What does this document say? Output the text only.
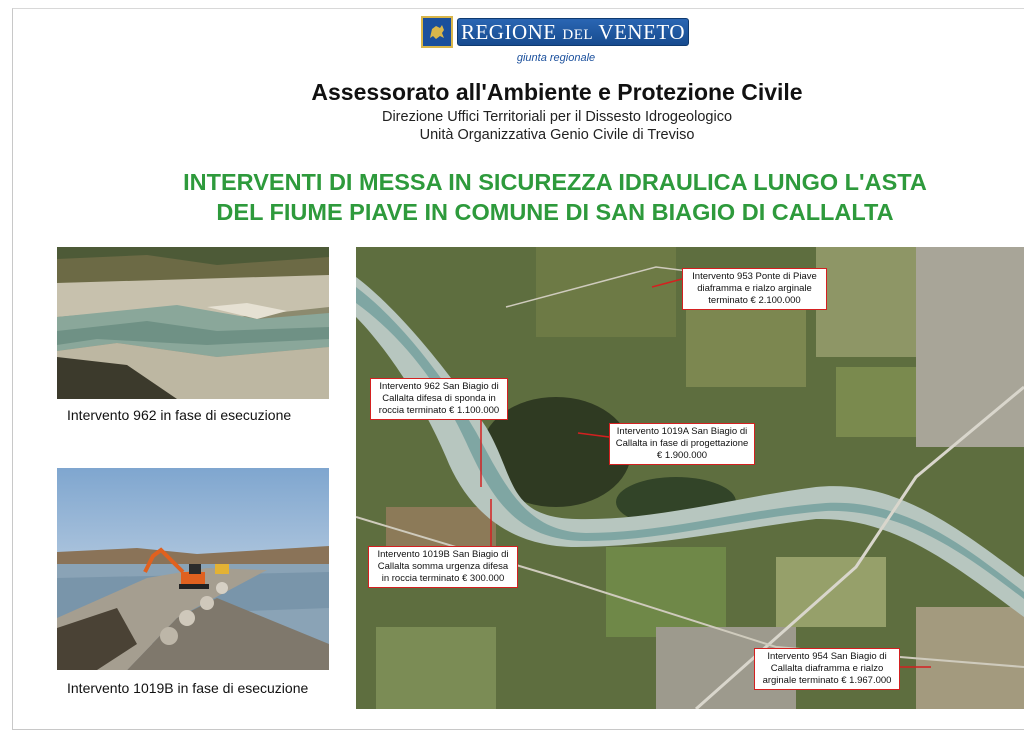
REGIONE DEL VENETO
giunta regionale
Assessorato all'Ambiente e Protezione Civile
Direzione Uffici Territoriali per il Dissesto Idrogeologico
Unità Organizzativa Genio Civile di Treviso
INTERVENTI DI MESSA IN SICUREZZA IDRAULICA LUNGO L'ASTA
DEL FIUME PIAVE IN COMUNE DI SAN BIAGIO DI CALLALTA
Intervento 962 in fase di esecuzione
Intervento 1019B in fase di esecuzione
Intervento 953 Ponte di Piave diaframma e rialzo arginale terminato € 2.100.000
Intervento 962 San Biagio di Callalta difesa di sponda in roccia terminato € 1.100.000
Intervento 1019A San Biagio di Callalta in fase di progettazione € 1.900.000
Intervento 1019B San Biagio di Callalta somma urgenza difesa in roccia terminato € 300.000
Intervento 954 San Biagio di Callalta diaframma e rialzo arginale terminato € 1.967.000
